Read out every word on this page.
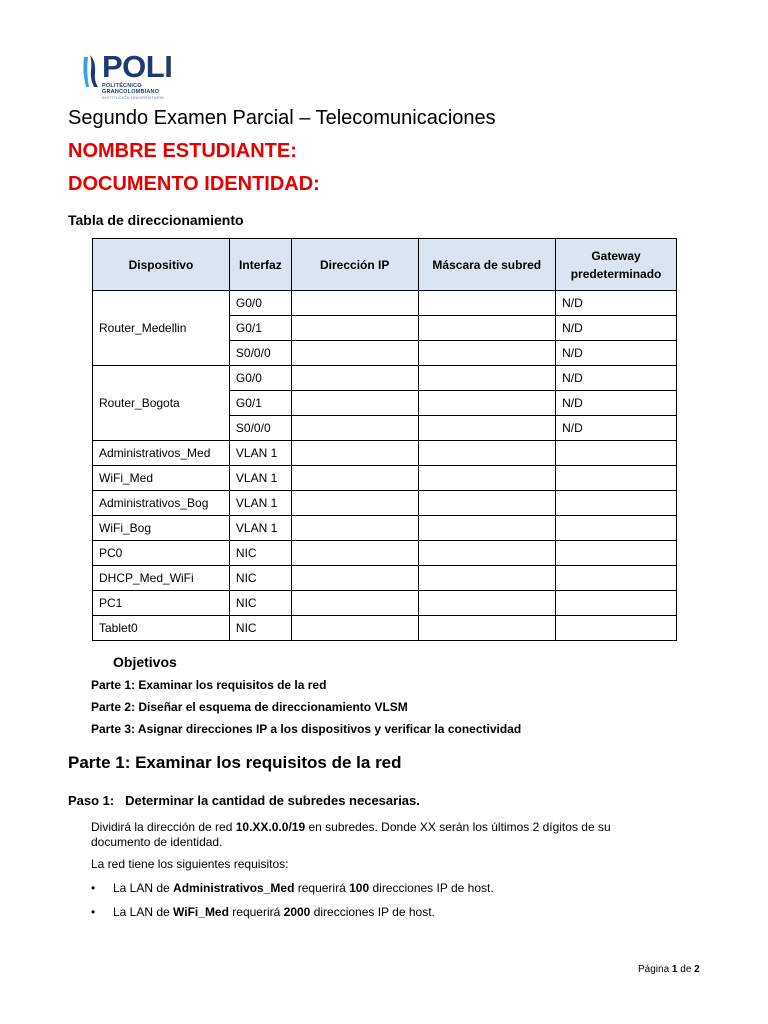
POLI
POLITÉCNICO
GRANCOLOMBIANO
INSTITUCIÓN UNIVERSITARIA
Segundo Examen Parcial – Telecomunicaciones
NOMBRE ESTUDIANTE:
DOCUMENTO IDENTIDAD:
Tabla de direccionamiento
Dispositivo	Interfaz	Dirección IP	Máscara de subred	Gateway predeterminado
Router_Medellin	G0/0			N/D
	G0/1			N/D
	S0/0/0			N/D
Router_Bogota	G0/0			N/D
	G0/1			N/D
	S0/0/0			N/D
Administrativos_Med	VLAN 1			
WiFi_Med	VLAN 1			
Administrativos_Bog	VLAN 1			
WiFi_Bog	VLAN 1			
PC0	NIC			
DHCP_Med_WiFi	NIC			
PC1	NIC			
Tablet0	NIC			
Objetivos
Parte 1: Examinar los requisitos de la red
Parte 2: Diseñar el esquema de direccionamiento VLSM
Parte 3: Asignar direcciones IP a los dispositivos y verificar la conectividad
Parte 1: Examinar los requisitos de la red
Paso 1:   Determinar la cantidad de subredes necesarias.
Dividirá la dirección de red 10.XX.0.0/19 en subredes. Donde XX serán los últimos 2 dígitos de su documento de identidad.
La red tiene los siguientes requisitos:
• La LAN de Administrativos_Med requerirá 100 direcciones IP de host.
• La LAN de WiFi_Med requerirá 2000 direcciones IP de host.
Página 1 de 2
